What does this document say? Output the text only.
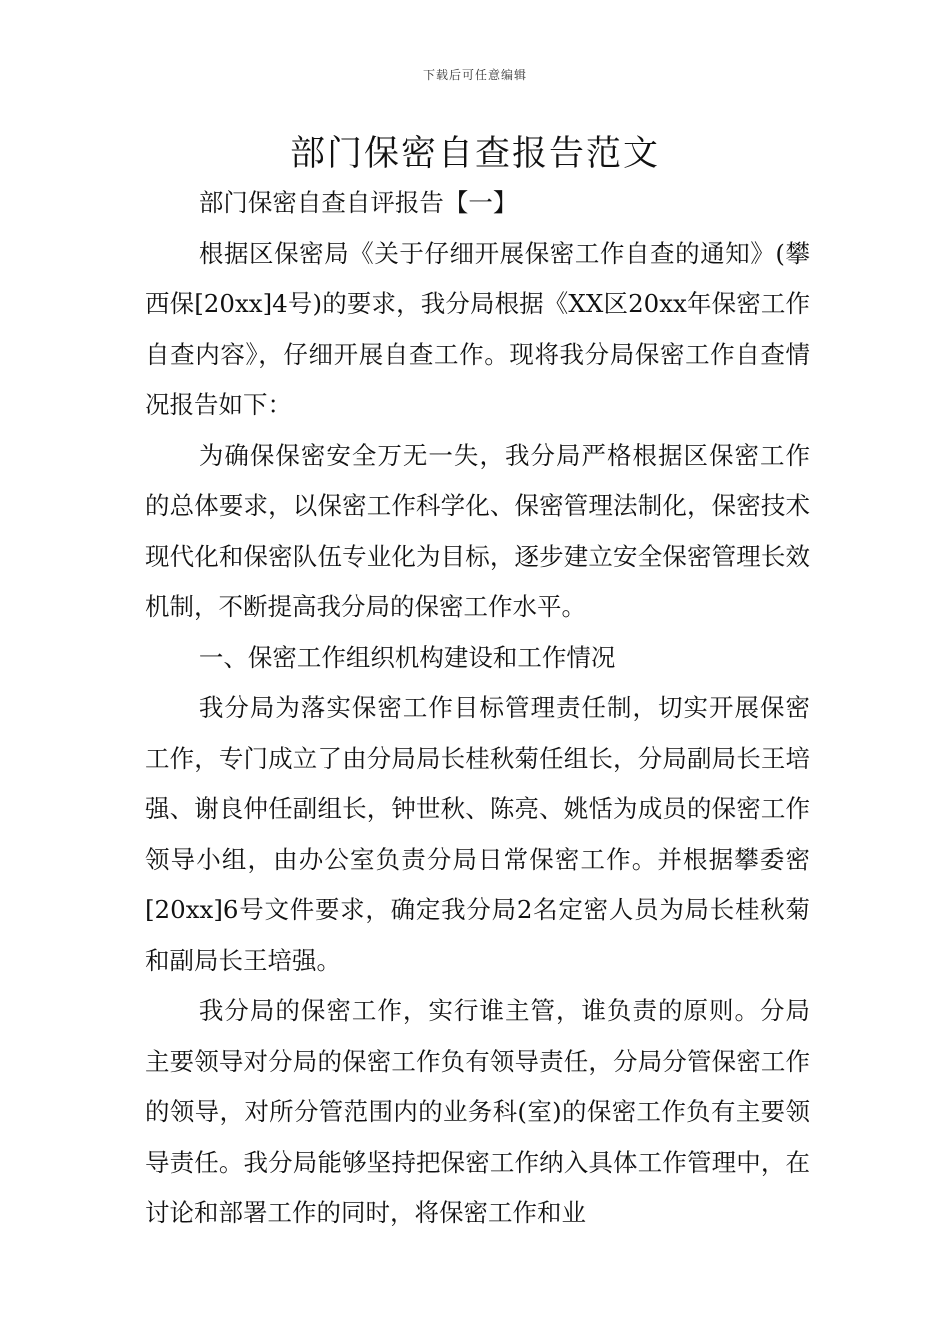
下载后可任意编辑
部门保密自查报告范文

部门保密自查自评报告【一】

根据区保密局《关于仔细开展保密工作自查的通知》(攀西保[20xx]4号)的要求，我分局根据《XX区20xx年保密工作自查内容》，仔细开展自查工作。现将我分局保密工作自查情况报告如下：

为确保保密安全万无一失，我分局严格根据区保密工作的总体要求，以保密工作科学化、保密管理法制化，保密技术现代化和保密队伍专业化为目标，逐步建立安全保密管理长效机制，不断提高我分局的保密工作水平。

一、保密工作组织机构建设和工作情况

我分局为落实保密工作目标管理责任制，切实开展保密工作，专门成立了由分局局长桂秋菊任组长，分局副局长王培强、谢良仲任副组长，钟世秋、陈亮、姚恬为成员的保密工作领导小组，由办公室负责分局日常保密工作。并根据攀委密[20xx]6号文件要求，确定我分局2名定密人员为局长桂秋菊和副局长王培强。

我分局的保密工作，实行谁主管，谁负责的原则。分局主要领导对分局的保密工作负有领导责任，分局分管保密工作的领导，对所分管范围内的业务科(室)的保密工作负有主要领导责任。我分局能够坚持把保密工作纳入具体工作管理中，在讨论和部署工作的同时，将保密工作和业
